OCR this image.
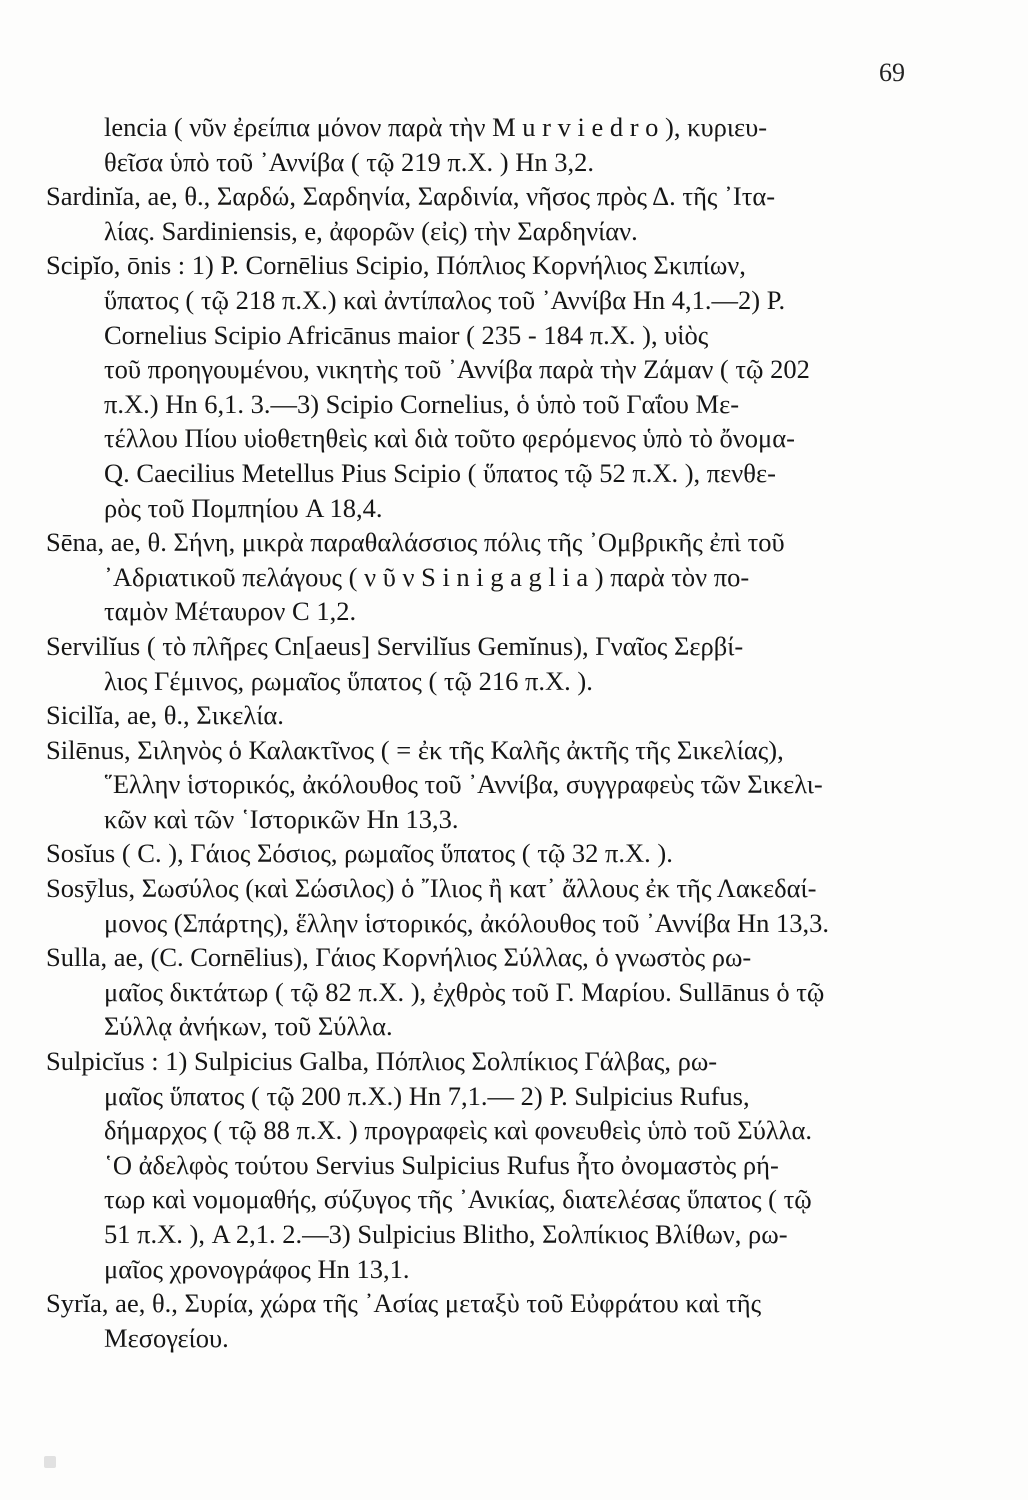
69
lencia ( νῦν ἐρείπια μόνον παρὰ τὴν M u r v i e d r o ), κυριευ-
θεῖσα ὑπὸ τοῦ ᾿Αννίβα ( τῷ 219 π.Χ. ) Hn 3,2.
Sardinĭa, ae, θ., Σαρδώ, Σαρδηνία, Σαρδινία, νῆσος πρὸς Δ. τῆς ᾿Ιτα-
λίας. Sardiniensis, e, ἀφορῶν (εἰς) τὴν Σαρδηνίαν.
Scipĭo, ōnis : 1) P. Cornēlius Scipio, Πόπλιος Κορνήλιος Σκιπίων,
ὕπατος ( τῷ 218 π.Χ.) καὶ ἀντίπαλος τοῦ ᾿Αννίβα Hn 4,1.—2) P.
Cornelius Scipio Africānus maior ( 235 - 184 π.Χ. ), υἱὸς
τοῦ προηγουμένου, νικητὴς τοῦ ᾿Αννίβα παρὰ τὴν Ζάμαν ( τῷ 202
π.Χ.) Hn 6,1. 3.—3) Scipio Cornelius, ὁ ὑπὸ τοῦ Γαΐου Με-
τέλλου Πίου υἱοθετηθεὶς καὶ διὰ τοῦτο φερόμενος ὑπὸ τὸ ὄνομα-
Q. Caecilius Metellus Pius Scipio ( ὕπατος τῷ 52 π.Χ. ), πενθε-
ρὸς τοῦ Πομπηίου A 18,4.
Sēna, ae, θ. Σήνη, μικρὰ παραθαλάσσιος πόλις τῆς ᾿Ομβρικῆς ἐπὶ τοῦ
᾿Αδριατικοῦ πελάγους ( ν ῦ ν S i n i g a g l i a ) παρὰ τὸν πο-
ταμὸν Μέταυρον C 1,2.
Servilĭus ( τὸ πλῆρες Cn[aeus] Servilĭus Gemĭnus), Γναῖος Σερβί-
λιος Γέμινος, ρωμαῖος ὕπατος ( τῷ 216 π.Χ. ).
Sicilĭa, ae, θ., Σικελία.
Silēnus, Σιληνὸς ὁ Καλακτῖνος ( = ἐκ τῆς Καλῆς ἀκτῆς τῆς Σικελίας),
῞Ελλην ἱστορικός, ἀκόλουθος τοῦ ᾿Αννίβα, συγγραφεὺς τῶν Σικελι-
κῶν καὶ τῶν ῾Ιστορικῶν Hn 13,3.
Sosĭus ( C. ), Γάιος Σόσιος, ρωμαῖος ὕπατος ( τῷ 32 π.Χ. ).
Sosȳlus, Σωσύλος (καὶ Σώσιλος) ὁ ῎Ιλιος ἢ κατ᾿ ἄλλους ἐκ τῆς Λακεδαί-
μονος (Σπάρτης), ἕλλην ἱστορικός, ἀκόλουθος τοῦ ᾿Αννίβα Hn 13,3.
Sulla, ae, (C. Cornēlius), Γάιος Κορνήλιος Σύλλας, ὁ γνωστὸς ρω-
μαῖος δικτάτωρ ( τῷ 82 π.Χ. ), ἐχθρὸς τοῦ Γ. Μαρίου. Sullānus ὁ τῷ
Σύλλᾳ ἀνήκων, τοῦ Σύλλα.
Sulpicĭus : 1) Sulpicius Galba, Πόπλιος Σολπίκιος Γάλβας, ρω-
μαῖος ὕπατος ( τῷ 200 π.Χ.) Hn 7,1.— 2) P. Sulpicius Rufus,
δήμαρχος ( τῷ 88 π.Χ. ) προγραφεὶς καὶ φονευθεὶς ὑπὸ τοῦ Σύλλα.
῾Ο ἀδελφὸς τούτου Servius Sulpicius Rufus ἦτο ὀνομαστὸς ρή-
τωρ καὶ νομομαθής, σύζυγος τῆς ᾿Ανικίας, διατελέσας ὕπατος ( τῷ
51 π.Χ. ), A 2,1. 2.—3) Sulpicius Blitho, Σολπίκιος Βλίθων, ρω-
μαῖος χρονογράφος Hn 13,1.
Syrĭa, ae, θ., Συρία, χώρα τῆς ᾿Ασίας μεταξὺ τοῦ Εὐφράτου καὶ τῆς
Μεσογείου.
